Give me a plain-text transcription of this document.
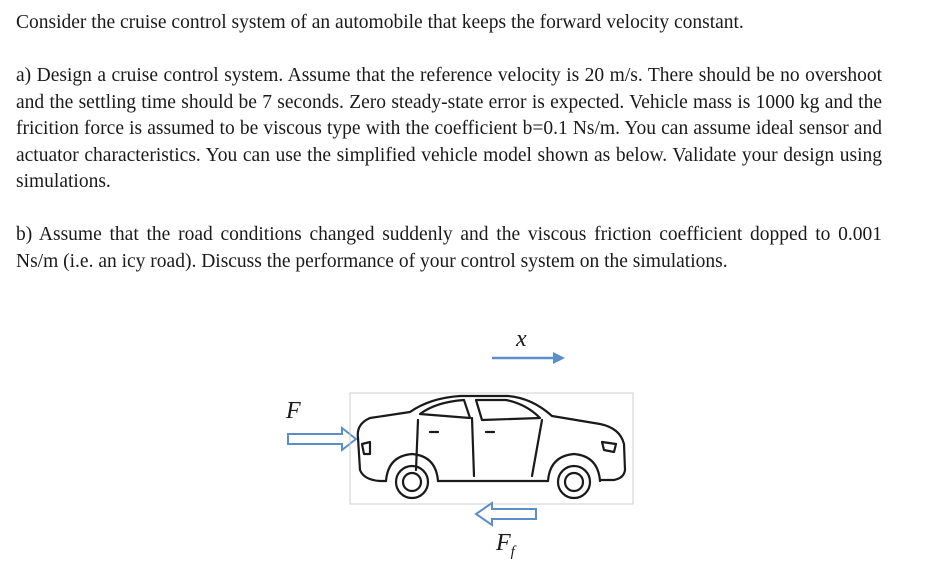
Consider the cruise control system of an automobile that keeps the forward velocity constant.
a) Design a cruise control system. Assume that the reference velocity is 20 m/s. There should be no overshoot and the settling time should be 7 seconds. Zero steady-state error is expected. Vehicle mass is 1000 kg and the fricition force is assumed to be viscous type with the coefficient b=0.1 Ns/m. You can assume ideal sensor and actuator characteristics. You can use the simplified vehicle model shown as below. Validate your design using simulations.
b) Assume that the road conditions changed suddenly and the viscous friction coefficient dopped to 0.001 Ns/m (i.e. an icy road). Discuss the performance of your control system on the simulations.
x
F
$F_f$
